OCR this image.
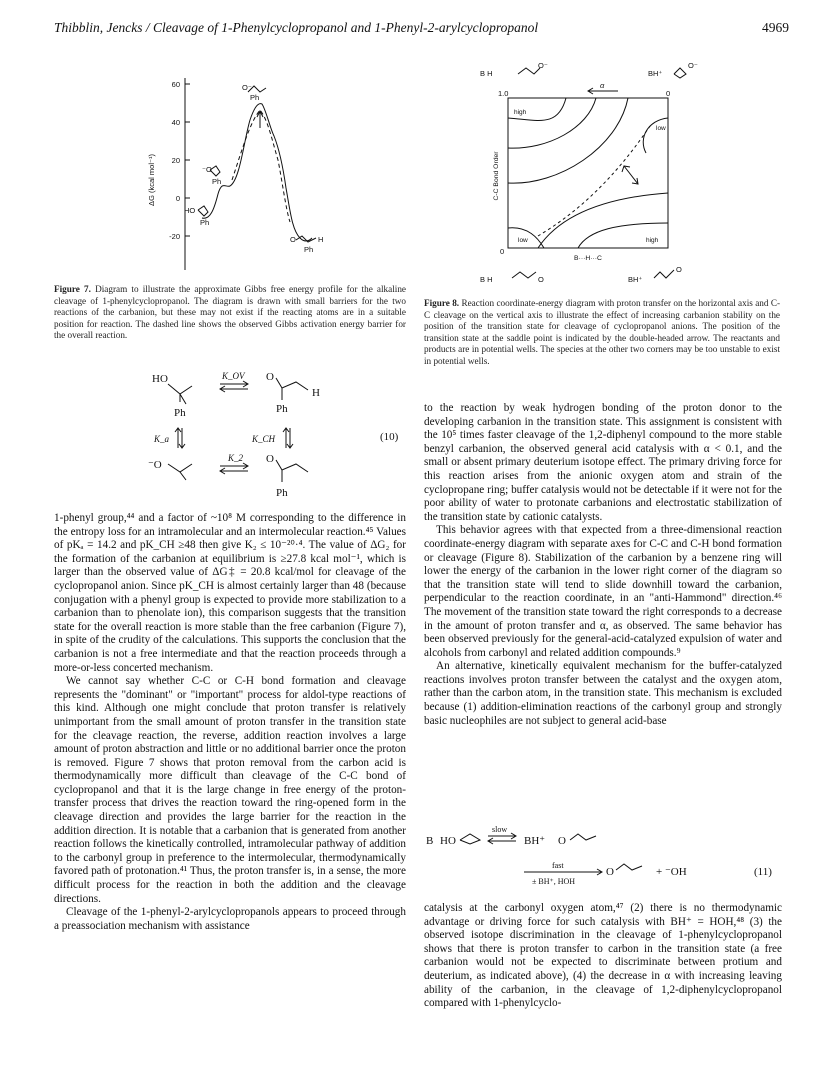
Thibblin, Jencks / Cleavage of 1-Phenylcyclopropanol and 1-Phenyl-2-arylcyclopropanol	4969
60
40
20
0
-20
ΔG (kcal mol⁻¹)
O⁻
Ph
⁻O
Ph
HO
Ph
O	H
Ph
Figure 7. Diagram to illustrate the approximate Gibbs free energy profile for the alkaline cleavage of 1-phenylcyclopropanol. The diagram is drawn with small barriers for the two reactions of the carbanion, but these may not exist if the reacting atoms are in a suitable position for reaction. The dashed line shows the observed Gibbs activation energy barrier for the overall reaction.
B H
O⁻
BH⁺
O⁻
1.0	0
0
α
high
low
low	high
C-C Bond Order
B···H···C
B H	O	BH⁺
O
Figure 8. Reaction coordinate-energy diagram with proton transfer on the horizontal axis and C-C cleavage on the vertical axis to illustrate the effect of increasing carbanion stability on the position of the transition state for cleavage of cyclopropanol anions. The position of the transition state at the saddle point is indicated by the double-headed arrow. The reactants and products are in potential wells. The species at the other two corners may be too unstable to exist in potential wells.
HO	K_OV O
H
Ph	Ph
K_a	K_CH
⁻O
K_2 O
Ph
(10)

1-phenyl group,⁴⁴ and a factor of ~10⁸ M corresponding to the difference in the entropy loss for an intramolecular and an intermolecular reaction.⁴⁵ Values of pKₐ = 14.2 and pK_CH ≥48 then give K₂ ≤ 10⁻²⁰·⁴. The value of ΔG₂ for the formation of the carbanion at equilibrium is ≥27.8 kcal mol⁻¹, which is larger than the observed value of ΔG‡ = 20.8 kcal/mol for cleavage of the cyclopropanol anion. Since pK_CH is almost certainly larger than 48 (because conjugation with a phenyl group is expected to provide more stabilization to a carbanion than to phenolate ion), this comparison suggests that the transition state for the overall reaction is more stable than the free carbanion (Figure 7), in spite of the crudity of the calculations. This supports the conclusion that the carbanion is not a free intermediate and that the reaction proceeds through a more-or-less concerted mechanism.

We cannot say whether C-C or C-H bond formation and cleavage represents the "dominant" or "important" process for aldol-type reactions of this kind. Although one might conclude that proton transfer is relatively unimportant from the small amount of proton transfer in the transition state for the cleavage reaction, the reverse, addition reaction involves a large amount of proton abstraction and little or no additional barrier once the proton is removed. Figure 7 shows that proton removal from the carbon acid is thermodynamically more difficult than cleavage of the C-C bond of cyclopropanol and that it is the large change in free energy of the proton-transfer process that drives the reaction toward the ring-opened form in the cleavage direction and provides the large barrier for the reaction in the addition direction. It is notable that a carbanion that is generated from another reaction follows the kinetically controlled, intramolecular pathway of addition to the carbonyl group in preference to the intermolecular, thermodynamically favored path of protonation.⁴¹ Thus, the proton transfer is, in a sense, the more difficult process for the reaction in both the addition and the cleavage directions.

Cleavage of the 1-phenyl-2-arylcyclopropanols appears to proceed through a preassociation mechanism with assistance

to the reaction by weak hydrogen bonding of the proton donor to the developing carbanion in the transition state. This assignment is consistent with the 10⁵ times faster cleavage of the 1,2-diphenyl compound to the more stable benzyl carbanion, the observed general acid catalysis with α < 0.1, and the small or absent primary deuterium isotope effect. The primary driving force for this reaction arises from the anionic oxygen atom and strain of the cyclopropane ring; buffer catalysis would not be detectable if it were not for the poor ability of water to protonate carbanions and electrostatic stabilization of the transition state by cationic catalysts.

This behavior agrees with that expected from a three-dimensional reaction coordinate-energy diagram with separate axes for C-C and C-H bond formation or cleavage (Figure 8). Stabilization of the carbanion by a benzene ring will lower the energy of the carbanion in the lower right corner of the diagram so that the transition state will tend to slide downhill toward the carbanion, perpendicular to the reaction coordinate, in an "anti-Hammond" direction.⁴⁶ The movement of the transition state toward the right corresponds to a decrease in the amount of proton transfer and α, as observed. The same behavior has been observed previously for the general-acid-catalyzed expulsion of water and alcohols from carbonyl and related addition compounds.⁹

An alternative, kinetically equivalent mechanism for the buffer-catalyzed reactions involves proton transfer between the catalyst and the oxygen atom, rather than the carbon atom, in the transition state. This mechanism is excluded because (1) addition-elimination reactions of the carbonyl group and strongly basic nucleophiles are not subject to general acid-base

B HO
slow
BH⁺ O
fast
± BH⁺, HOH
O	+ ⁻OH	(11)

catalysis at the carbonyl oxygen atom,⁴⁷ (2) there is no thermodynamic advantage or driving force for such catalysis with BH⁺ = HOH,⁴⁸ (3) the observed isotope discrimination in the cleavage of 1-phenylcyclopropanol shows that there is proton transfer to carbon in the transition state (a free carbanion would not be expected to discriminate between protium and deuterium, as indicated above), (4) the decrease in α with increasing leaving ability of the carbanion, in the cleavage of 1,2-diphenylcyclopropanol compared with 1-phenylcyclo-
